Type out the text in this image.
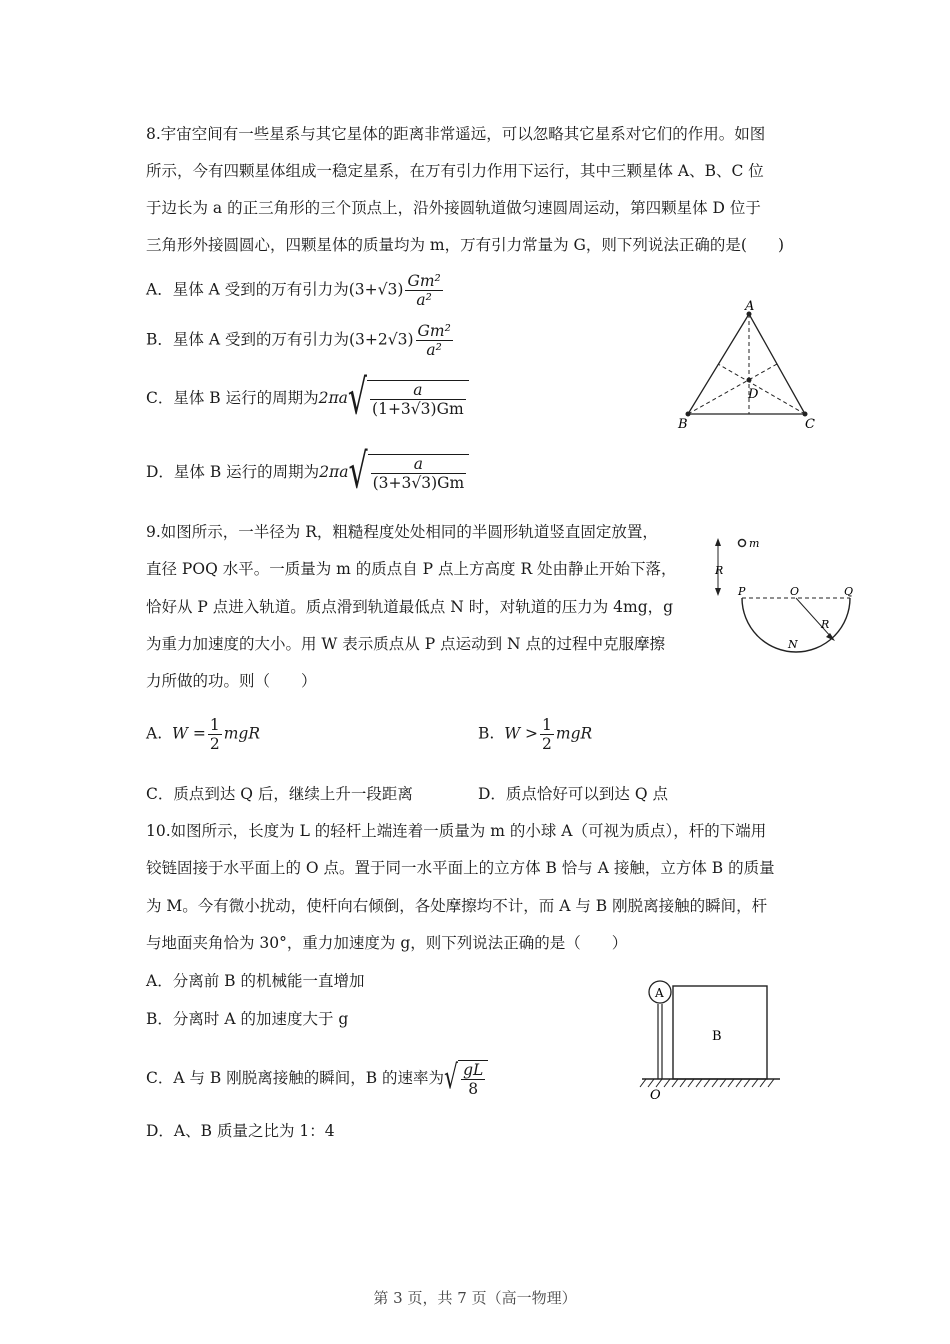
8.宇宙空间有一些星系与其它星体的距离非常遥远，可以忽略其它星系对它们的作用。如图
所示，今有四颗星体组成一稳定星系，在万有引力作用下运行，其中三颗星体 A、B、C 位
于边长为 a 的正三角形的三个顶点上，沿外接圆轨道做匀速圆周运动，第四颗星体 D 位于
三角形外接圆圆心，四颗星体的质量均为 m，万有引力常量为 G，则下列说法正确的是(　　)
A．星体 A 受到的万有引力为$(3+√3) \frac{\text{Gm²}}{\text{a²}}$
B．星体 A 受到的万有引力为$(3+2√3) \frac{\text{Gm²}}{\text{a²}}$
C．星体 B 运行的周期为$2\pi a√ \frac{a}{(1+3√3)Gm}$
D．星体 B 运行的周期为$2\pi a√ \frac{a}{(3+3√3)Gm}$
A
B	C
D
9.如图所示，一半径为 R，粗糙程度处处相同的半圆形轨道竖直固定放置，
直径 POQ 水平。一质量为 m 的质点自 P 点上方高度 R 处由静止开始下落，
恰好从 P 点进入轨道。质点滑到轨道最低点 N 时，对轨道的压力为 4mg，g
为重力加速度的大小。用 W 表示质点从 P 点运动到 N 点的过程中克服摩擦
力所做的功。则（　　）
A. $W = \frac{1}{2}$ mgR	B. $W > \frac{1}{2}$ mgR
C．质点到达 Q 后，继续上升一段距离	D．质点恰好可以到达 Q 点
R
m
P	O	Q
R
N
10.如图所示，长度为 L 的轻杆上端连着一质量为 m 的小球 A（可视为质点），杆的下端用
铰链固接于水平面上的 O 点。置于同一水平面上的立方体 B 恰与 A 接触，立方体 B 的质量
为 M。今有微小扰动，使杆向右倾倒，各处摩擦均不计，而 A 与 B 刚脱离接触的瞬间，杆
与地面夹角恰为 30°，重力加速度为 g，则下列说法正确的是（　　）
A．分离前 B 的机械能一直增加
B．分离时 A 的加速度大于 g
C．A 与 B 刚脱离接触的瞬间，B 的速率为√ $\frac{gL}{8}$
D．A、B 质量之比为 1：4
A
B
O
第 3 页，共 7 页（高一物理）
